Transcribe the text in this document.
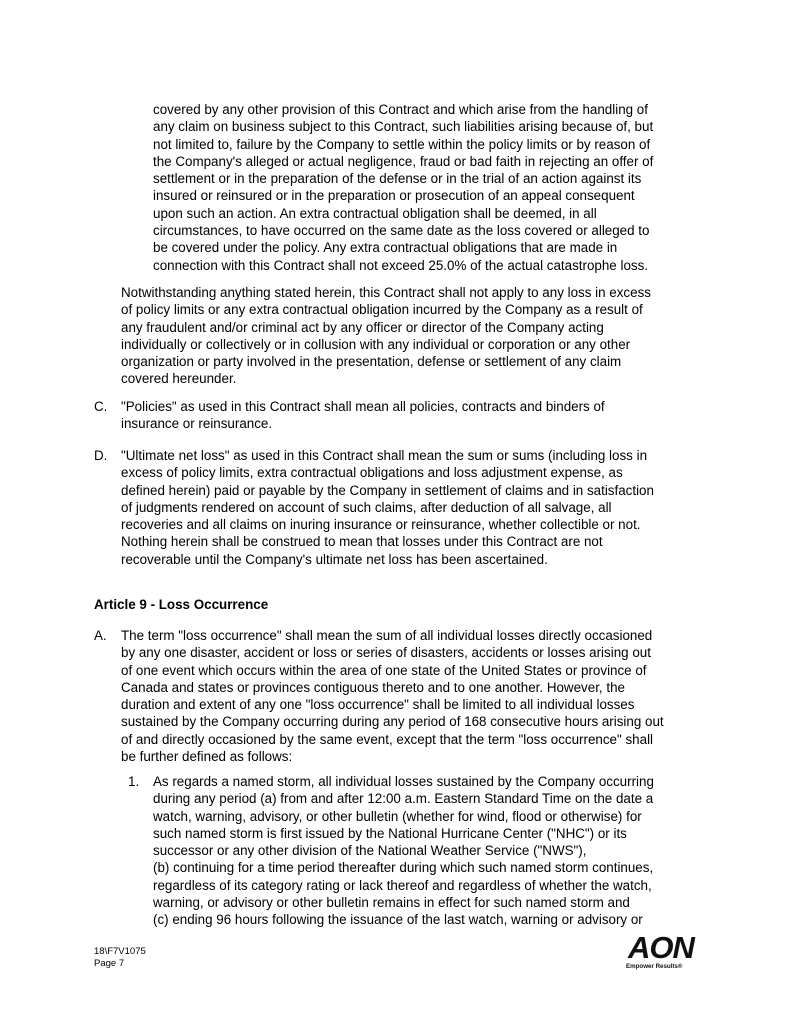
covered by any other provision of this Contract and which arise from the handling of
any claim on business subject to this Contract, such liabilities arising because of, but
not limited to, failure by the Company to settle within the policy limits or by reason of
the Company's alleged or actual negligence, fraud or bad faith in rejecting an offer of
settlement or in the preparation of the defense or in the trial of an action against its
insured or reinsured or in the preparation or prosecution of an appeal consequent
upon such an action. An extra contractual obligation shall be deemed, in all
circumstances, to have occurred on the same date as the loss covered or alleged to
be covered under the policy. Any extra contractual obligations that are made in
connection with this Contract shall not exceed 25.0% of the actual catastrophe loss.

Notwithstanding anything stated herein, this Contract shall not apply to any loss in excess
of policy limits or any extra contractual obligation incurred by the Company as a result of
any fraudulent and/or criminal act by any officer or director of the Company acting
individually or collectively or in collusion with any individual or corporation or any other
organization or party involved in the presentation, defense or settlement of any claim
covered hereunder.

C. "Policies" as used in this Contract shall mean all policies, contracts and binders of
insurance or reinsurance.

D. "Ultimate net loss" as used in this Contract shall mean the sum or sums (including loss in
excess of policy limits, extra contractual obligations and loss adjustment expense, as
defined herein) paid or payable by the Company in settlement of claims and in satisfaction
of judgments rendered on account of such claims, after deduction of all salvage, all
recoveries and all claims on inuring insurance or reinsurance, whether collectible or not.
Nothing herein shall be construed to mean that losses under this Contract are not
recoverable until the Company's ultimate net loss has been ascertained.

Article 9 - Loss Occurrence
A. The term "loss occurrence" shall mean the sum of all individual losses directly occasioned
by any one disaster, accident or loss or series of disasters, accidents or losses arising out
of one event which occurs within the area of one state of the United States or province of
Canada and states or provinces contiguous thereto and to one another. However, the
duration and extent of any one "loss occurrence" shall be limited to all individual losses
sustained by the Company occurring during any period of 168 consecutive hours arising out
of and directly occasioned by the same event, except that the term "loss occurrence" shall
be further defined as follows:

1. As regards a named storm, all individual losses sustained by the Company occurring
during any period (a) from and after 12:00 a.m. Eastern Standard Time on the date a
watch, warning, advisory, or other bulletin (whether for wind, flood or otherwise) for
such named storm is first issued by the National Hurricane Center ("NHC") or its
successor or any other division of the National Weather Service ("NWS"),
(b) continuing for a time period thereafter during which such named storm continues,
regardless of its category rating or lack thereof and regardless of whether the watch,
warning, or advisory or other bulletin remains in effect for such named storm and
(c) ending 96 hours following the issuance of the last watch, warning or advisory or

18\F7V1075
Page 7	AON
Empower Results®
